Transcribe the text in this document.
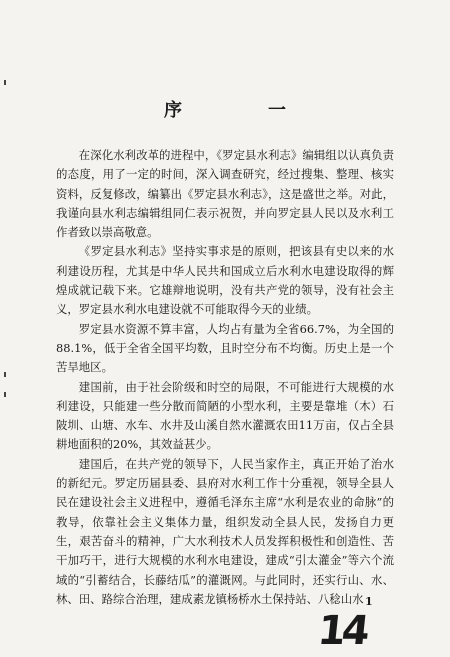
序　一

在深化水利改革的进程中，《罗定县水利志》编辑组以认真负责的态度，用了一定的时间，深入调查研究，经过搜集、整理、核实资料，反复修改，编纂出《罗定县水利志》，这是盛世之举。对此，我谨向县水利志编辑组同仁表示祝贺，并向罗定县人民以及水利工作者致以崇高敬意。

《罗定县水利志》坚持实事求是的原则，把该县有史以来的水利建设历程，尤其是中华人民共和国成立后水利水电建设取得的辉煌成就记载下来。它雄辩地说明，没有共产党的领导，没有社会主义，罗定县水利水电建设就不可能取得今天的业绩。

罗定县水资源不算丰富，人均占有量为全省66.7%，为全国的88.1%，低于全省全国平均数，且时空分布不均衡。历史上是一个苦旱地区。

建国前，由于社会阶级和时空的局限，不可能进行大规模的水利建设，只能建一些分散而简陋的小型水利，主要是靠堆（木）石陂圳、山塘、水车、水井及山溪自然水灌溉农田11万亩，仅占全县耕地面积的20%，其效益甚少。

建国后，在共产党的领导下，人民当家作主，真正开始了治水的新纪元。罗定历届县委、县府对水利工作十分重视，领导全县人民在建设社会主义进程中，遵循毛泽东主席“水利是农业的命脉”的教导，依靠社会主义集体力量，组织发动全县人民，发扬自力更生，艰苦奋斗的精神，广大水利技术人员发挥积极性和创造性、苦干加巧干，进行大规模的水利水电建设，建成“引太灌金”等六个流域的“引蓄结合，长藤结瓜”的灌溉网。与此同时，还实行山、水、林、田、路综合治理，建成素龙镇杨桥水土保持站、八稔山水 1
14
